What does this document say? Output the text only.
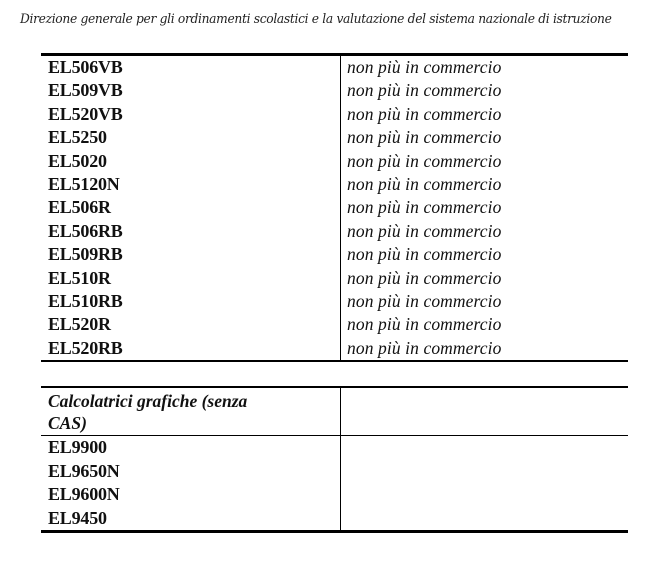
Direzione generale per gli ordinamenti scolastici e la valutazione del sistema nazionale di istruzione
EL506VB	non più in commercio
EL509VB	non più in commercio
EL520VB	non più in commercio
EL5250	non più in commercio
EL5020	non più in commercio
EL5120N	non più in commercio
EL506R	non più in commercio
EL506RB	non più in commercio
EL509RB	non più in commercio
EL510R	non più in commercio
EL510RB	non più in commercio
EL520R	non più in commercio
EL520RB	non più in commercio
Calcolatrici grafiche (senza CAS)	

EL9900	
EL9650N	
EL9600N	
EL9450	
